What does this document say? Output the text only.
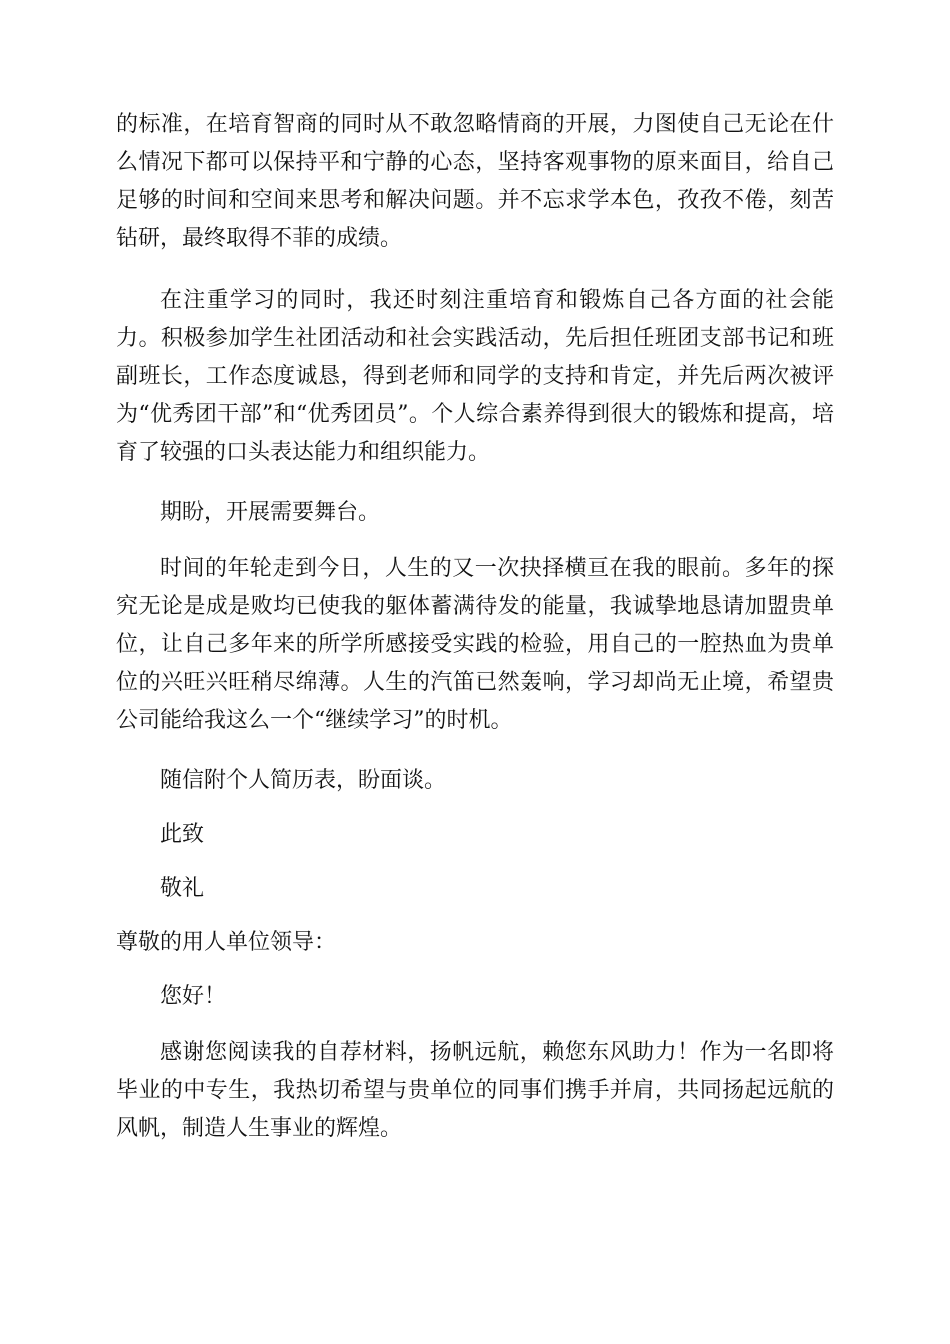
的标准，在培育智商的同时从不敢忽略情商的开展，力图使自己无论在什么情况下都可以保持平和宁静的心态，坚持客观事物的原来面目，给自己足够的时间和空间来思考和解决问题。并不忘求学本色，孜孜不倦，刻苦钻研，最终取得不菲的成绩。

在注重学习的同时，我还时刻注重培育和锻炼自己各方面的社会能力。积极参加学生社团活动和社会实践活动，先后担任班团支部书记和班副班长，工作态度诚恳，得到老师和同学的支持和肯定，并先后两次被评为“优秀团干部”和“优秀团员”。个人综合素养得到很大的锻炼和提高，培育了较强的口头表达能力和组织能力。

期盼，开展需要舞台。

时间的年轮走到今日，人生的又一次抉择横亘在我的眼前。多年的探究无论是成是败均已使我的躯体蓄满待发的能量，我诚挚地恳请加盟贵单位，让自己多年来的所学所感接受实践的检验，用自己的一腔热血为贵单位的兴旺兴旺稍尽绵薄。人生的汽笛已然轰响，学习却尚无止境，希望贵公司能给我这么一个“继续学习”的时机。

随信附个人简历表，盼面谈。

此致

敬礼

尊敬的用人单位领导：

您好！

感谢您阅读我的自荐材料，扬帆远航，赖您东风助力！作为一名即将毕业的中专生，我热切希望与贵单位的同事们携手并肩，共同扬起远航的风帆，制造人生事业的辉煌。
